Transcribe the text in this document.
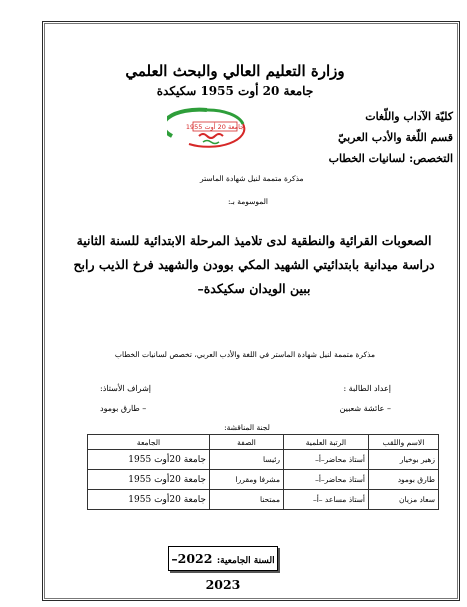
وزارة التعليم العالي والبحث العلمي
جامعة 20 أوت 1955 سكيكدة
كليّة الآداب واللّغات
قسم اللّغة والأدب العربيّ
التخصص: لسانيات الخطاب
جامعة 20 أوت 1955
مذكرة متممة لنيل شهادة الماستر
الموسومة بـ:
الصعوبات القرائية والنطقية لدى تلاميذ المرحلة الابتدائية للسنة الثانية
دراسة ميدانية بابتدائيتي الشهيد المكي بوودن والشهيد فرخ الذيب رابح
ببين الويدان سكيكدة–
مذكرة متممة لنيل شهادة الماستر في اللغة والأدب العربي، تخصص لسانيات الخطاب
إعداد الطالبة :
– عائشة شعبين
إشراف الأستاذ:
– طارق بومود
لجنة المناقشة:
الاسم واللقب	الرتبة العلمية	الصفة	الجامعة
زهير بوخيار	أستاذ محاضر–أ–	رئيسا	جامعة 20أوت 1955
طارق بومود	أستاذ محاضر–أ–	مشرفا ومقررا	جامعة 20أوت 1955
سعاد مزيان	أستاذ مساعد –أ–	ممتحنا	جامعة 20أوت 1955
السنة الجامعية: 2022–2023
